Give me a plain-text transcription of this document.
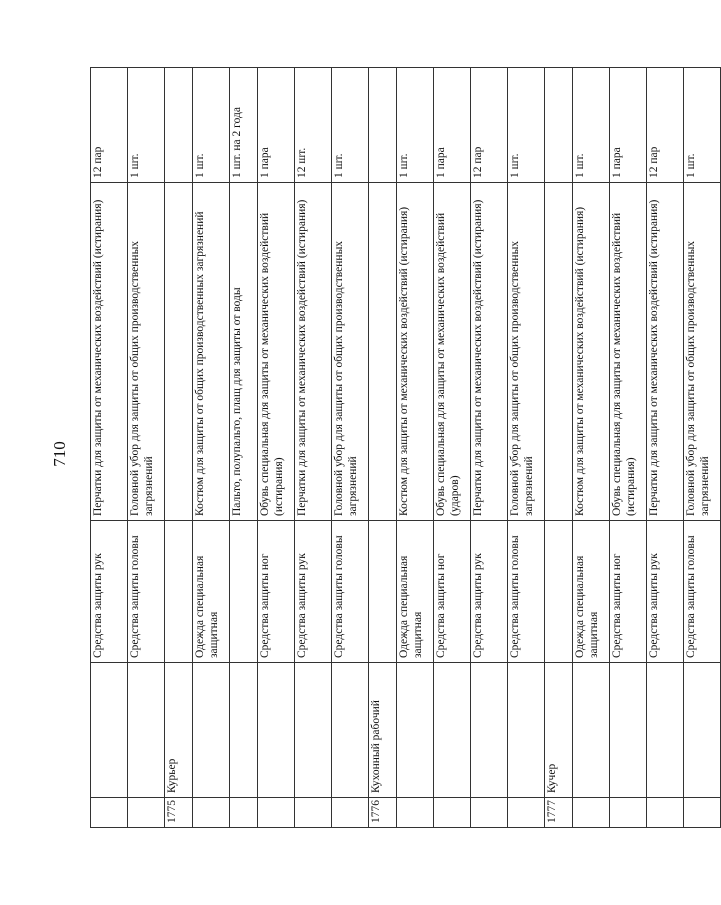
710
		Средства защиты рук	Перчатки для защиты от механических воздействий (истирания)	12 пар
		Средства защиты головы	Головной убор для защиты от общих производственных загрязнений	1 шт.
1775	Курьер			
		Одежда специальная защитная	Костюм для защиты от общих производственных загрязнений	1 шт.
			Пальто, полупальто, плащ для защиты от воды	1 шт. на 2 года
		Средства защиты ног	Обувь специальная для защиты от механических воздействий (истирания)	1 пара
		Средства защиты рук	Перчатки для защиты от механических воздействий (истирания)	12 шт.
		Средства защиты головы	Головной убор для защиты от общих производственных загрязнений	1 шт.
1776	Кухонный рабочий			
		Одежда специальная защитная	Костюм для защиты от механических воздействий (истирания)	1 шт.
		Средства защиты ног	Обувь специальная для защиты от механических воздействий (ударов)	1 пара
		Средства защиты рук	Перчатки для защиты от механических воздействий (истирания)	12 пар
		Средства защиты головы	Головной убор для защиты от общих производственных загрязнений	1 шт.
1777	Кучер			
		Одежда специальная защитная	Костюм для защиты от механических воздействий (истирания)	1 шт.
		Средства защиты ног	Обувь специальная для защиты от механических воздействий (истирания)	1 пара
		Средства защиты рук	Перчатки для защиты от механических воздействий (истирания)	12 пар
		Средства защиты головы	Головной убор для защиты от общих производственных загрязнений	1 шт.
